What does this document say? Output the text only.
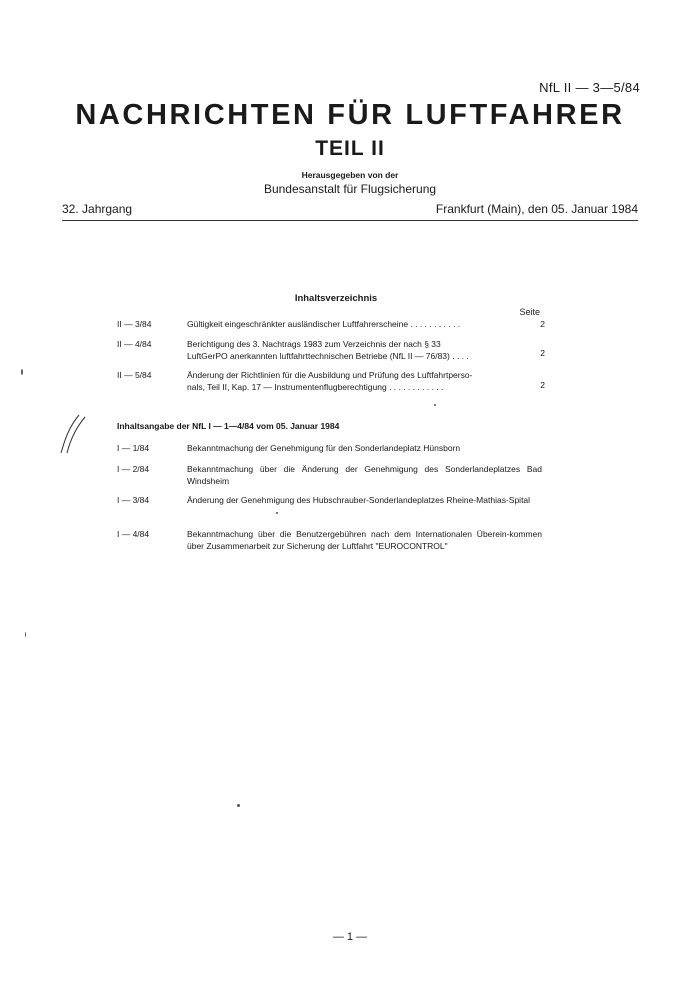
NfL II — 3—5/84
NACHRICHTEN FÜR LUFTFAHRER
TEIL II
Herausgegeben von der
Bundesanstalt für Flugsicherung
32. Jahrgang	Frankfurt (Main), den 05. Januar 1984
Inhaltsverzeichnis
Seite
II — 3/84	Gültigkeit eingeschränkter ausländischer Luftfahrerscheine . . . . . . . . . . .	2
II — 4/84	Berichtigung des 3. Nachtrags 1983 zum Verzeichnis der nach § 33
LuftGerPO anerkannten luftfahrttechnischen Betriebe (NfL II — 76/83) . . . .	2
II — 5/84	Änderung der Richtlinien für die Ausbildung und Prüfung des Luftfahrtperso-
nals, Teil II, Kap. 17 — Instrumentenflugberechtigung . . . . . . . . . . . .	2
Inhaltsangabe der NfL I — 1—4/84 vom 05. Januar 1984
I — 1/84	Bekanntmachung der Genehmigung für den Sonderlandeplatz Hünsborn
I — 2/84	Bekanntmachung über die Änderung der Genehmigung des Sonderlandeplatzes Bad Windsheim
I — 3/84	Änderung der Genehmigung des Hubschrauber-Sonderlandeplatzes Rheine-Mathias-Spital
I — 4/84	Bekanntmachung über die Benutzergebühren nach dem Internationalen Überein-kommen über Zusammenarbeit zur Sicherung der Luftfahrt "EUROCONTROL"
— 1 —
